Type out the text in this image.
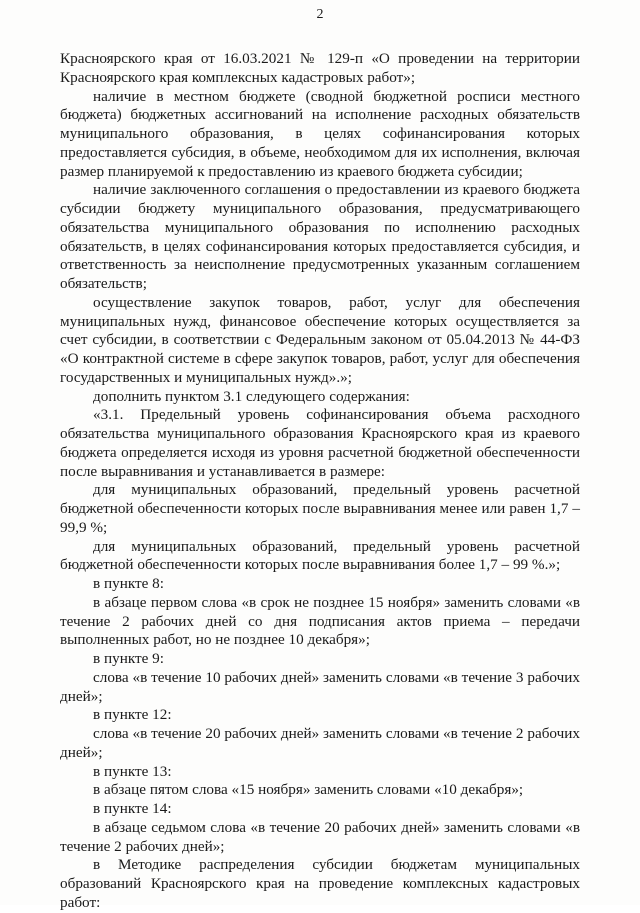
2

Красноярского края от 16.03.2021 № 129-п «О проведении на территории Красноярского края комплексных кадастровых работ»;

наличие в местном бюджете (сводной бюджетной росписи местного бюджета) бюджетных ассигнований на исполнение расходных обязательств муниципального образования, в целях софинансирования которых предоставляется субсидия, в объеме, необходимом для их исполнения, включая размер планируемой к предоставлению из краевого бюджета субсидии;

наличие заключенного соглашения о предоставлении из краевого бюджета субсидии бюджету муниципального образования, предусматривающего обязательства муниципального образования по исполнению расходных обязательств, в целях софинансирования которых предоставляется субсидия, и ответственность за неисполнение предусмотренных указанным соглашением обязательств;

осуществление закупок товаров, работ, услуг для обеспечения муниципальных нужд, финансовое обеспечение которых осуществляется за счет субсидии, в соответствии с Федеральным законом от 05.04.2013 № 44-ФЗ «О контрактной системе в сфере закупок товаров, работ, услуг для обеспечения государственных и муниципальных нужд».»;

дополнить пунктом 3.1 следующего содержания:

«3.1. Предельный уровень софинансирования объема расходного обязательства муниципального образования Красноярского края из краевого бюджета определяется исходя из уровня расчетной бюджетной обеспеченности после выравнивания и устанавливается в размере:

для муниципальных образований, предельный уровень расчетной бюджетной обеспеченности которых после выравнивания менее или равен 1,7 – 99,9 %;

для муниципальных образований, предельный уровень расчетной бюджетной обеспеченности которых после выравнивания более 1,7 – 99 %.»;

в пункте 8:

в абзаце первом слова «в срок не позднее 15 ноября» заменить словами «в течение 2 рабочих дней со дня подписания актов приема – передачи выполненных работ, но не позднее 10 декабря»;

в пункте 9:

слова «в течение 10 рабочих дней» заменить словами «в течение 3 рабочих дней»;

в пункте 12:

слова «в течение 20 рабочих дней» заменить словами «в течение 2 рабочих дней»;

в пункте 13:

в абзаце пятом слова «15 ноября» заменить словами «10 декабря»;

в пункте 14:

в абзаце седьмом слова «в течение 20 рабочих дней» заменить словами «в течение 2 рабочих дней»;

в Методике распределения субсидии бюджетам муниципальных образований Красноярского края на проведение комплексных кадастровых работ:
